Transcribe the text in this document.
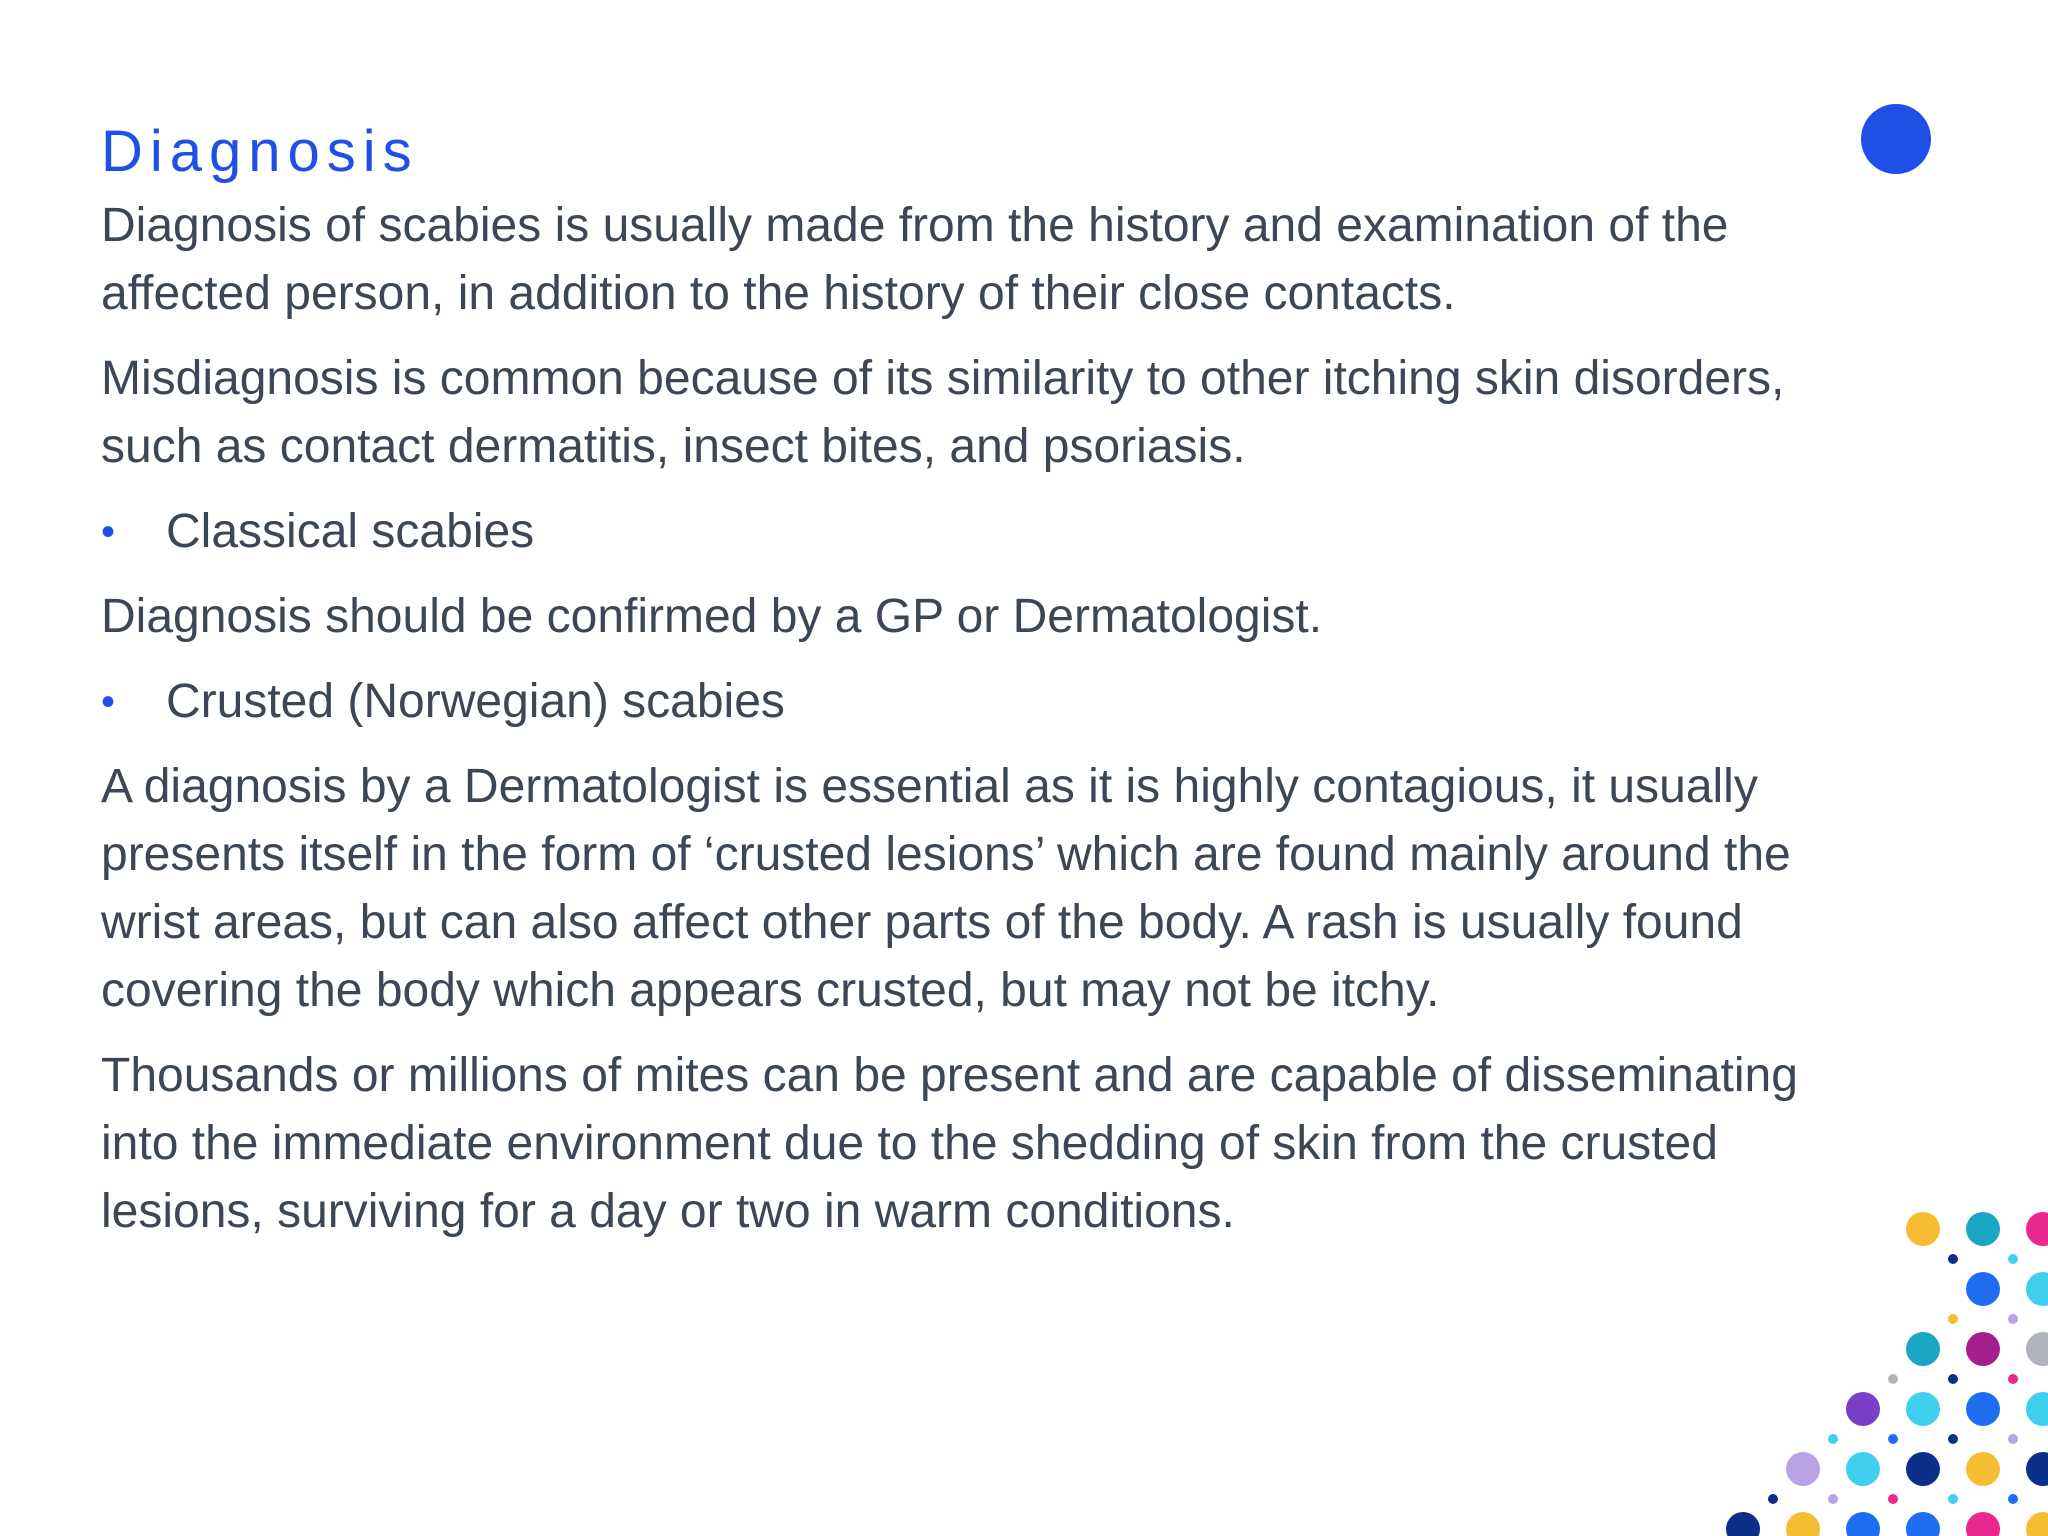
Diagnosis

Diagnosis of scabies is usually made from the history and examination of the affected person, in addition to the history of their close contacts.

Misdiagnosis is common because of its similarity to other itching skin disorders, such as contact dermatitis, insect bites, and psoriasis.

•	Classical scabies

Diagnosis should be confirmed by a GP or Dermatologist.

•	Crusted (Norwegian) scabies

A diagnosis by a Dermatologist is essential as it is highly contagious, it usually presents itself in the form of ‘crusted lesions’ which are found mainly around the wrist areas, but can also affect other parts of the body. A rash is usually found covering the body which appears crusted, but may not be itchy.

Thousands or millions of mites can be present and are capable of disseminating into the immediate environment due to the shedding of skin from the crusted lesions, surviving for a day or two in warm conditions.
